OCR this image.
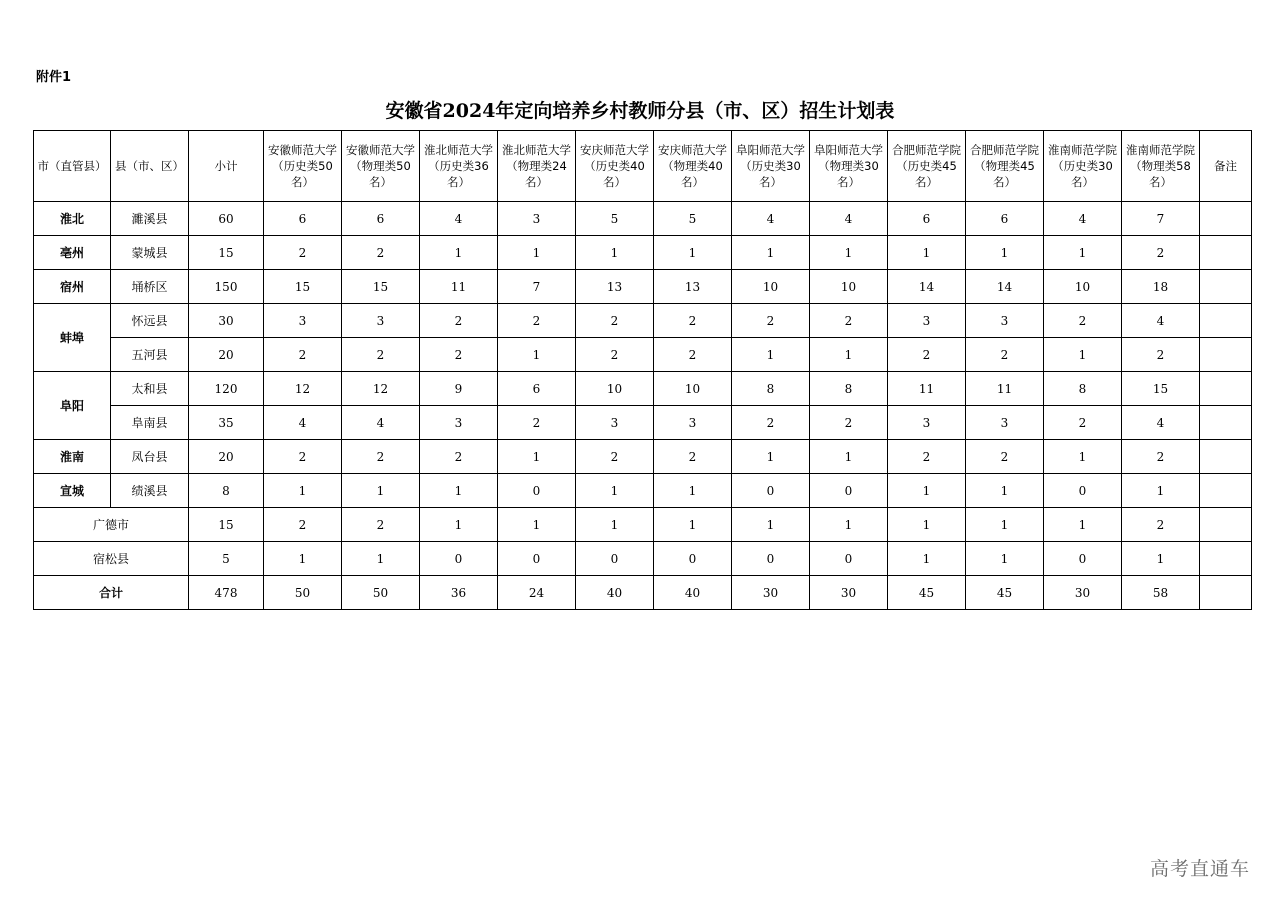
附件1
安徽省2024年定向培养乡村教师分县（市、区）招生计划表
市（直管县）	县（市、区）	小计	安徽师范大学（历史类50名）	安徽师范大学（物理类50名）	淮北师范大学（历史类36名）	淮北师范大学（物理类24名）	安庆师范大学（历史类40名）	安庆师范大学（物理类40名）	阜阳师范大学（历史类30名）	阜阳师范大学（物理类30名）	合肥师范学院（历史类45名）	合肥师范学院（物理类45名）	淮南师范学院（历史类30名）	淮南师范学院（物理类58名）	备注
淮北	濉溪县	60	6	6	4	3	5	5	4	4	6	6	4	7	
亳州	蒙城县	15	2	2	1	1	1	1	1	1	1	1	1	2	
宿州	埇桥区	150	15	15	11	7	13	13	10	10	14	14	10	18	
蚌埠	怀远县	30	3	3	2	2	2	2	2	2	3	3	2	4	
	五河县	20	2	2	2	1	2	2	1	1	2	2	1	2	
阜阳	太和县	120	12	12	9	6	10	10	8	8	11	11	8	15	
	阜南县	35	4	4	3	2	3	3	2	2	3	3	2	4	
淮南	凤台县	20	2	2	2	1	2	2	1	1	2	2	1	2	
宣城	绩溪县	8	1	1	1	0	1	1	0	0	1	1	0	1	
广德市		15	2	2	1	1	1	1	1	1	1	1	1	2	
宿松县		5	1	1	0	0	0	0	0	0	1	1	0	1	
合计		478	50	50	36	24	40	40	30	30	45	45	30	58	
高考直通车
